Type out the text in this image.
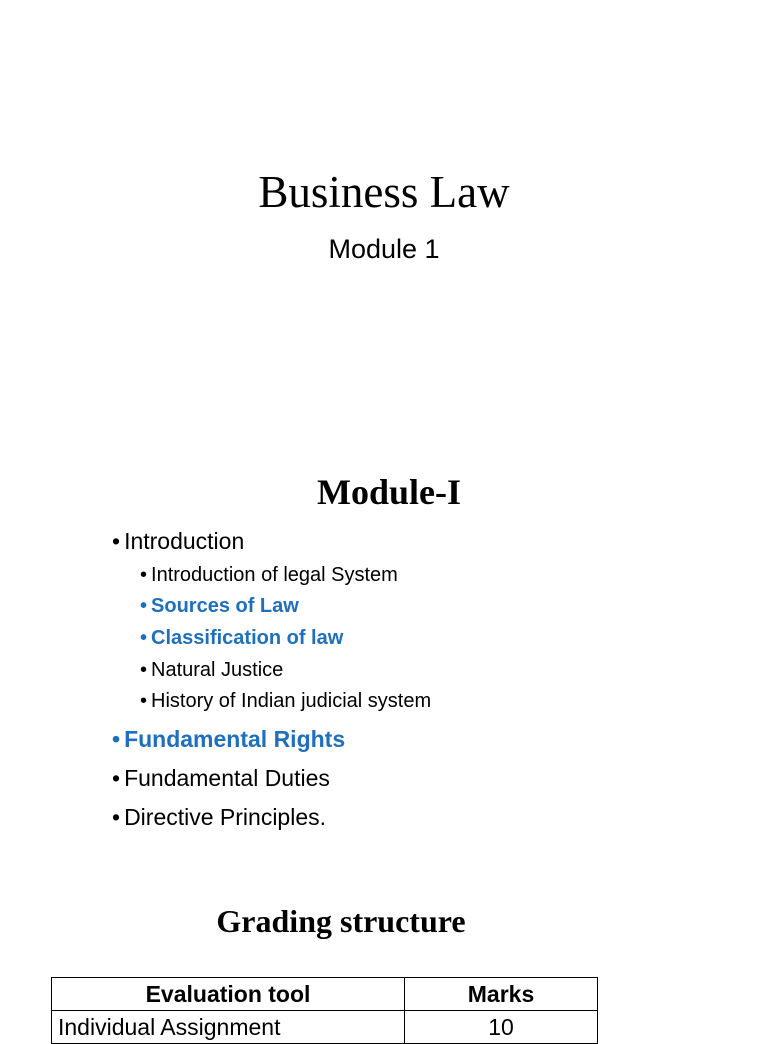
Business Law
Module 1
Module-I
• Introduction
• Introduction of legal System
• Sources of Law
• Classification of law
• Natural Justice
• History of Indian judicial system
• Fundamental Rights
• Fundamental Duties
• Directive Principles.
Grading structure
Evaluation tool	Marks
Individual Assignment	10
